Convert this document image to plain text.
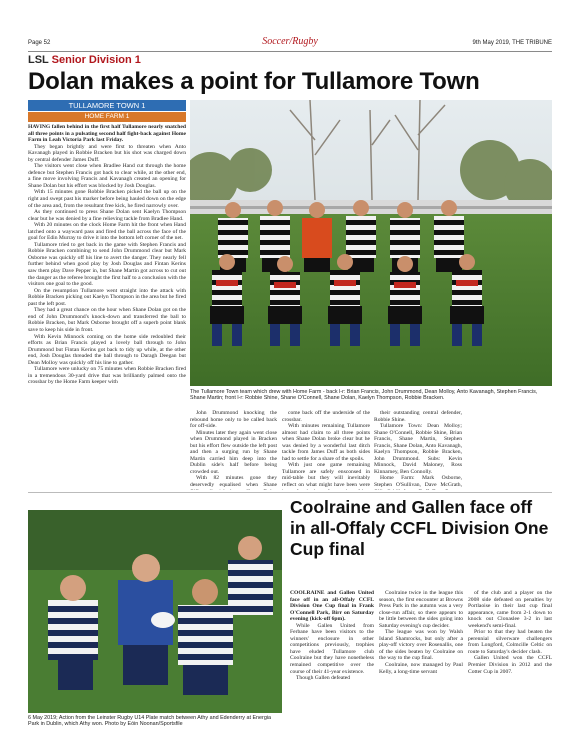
Page 52	Soccer/Rugby	9th May 2019, THE TRIBUNE
LSL Senior Division 1
Dolan makes a point for Tullamore Town
TULLAMORE TOWN 1
HOME FARM 1

HAVING fallen behind in the first half Tullamore nearly snatched all three points in a pulsating second half fight-back against Home Farm in Leah Victoria Park last Friday.

They began brightly and were first to threaten when Anto Kavanagh played in Robbie Bracken but his shot was charged down by central defender James Duff.

The visitors went close when Bradlee Hand cut through the home defence but Stephen Francis got back to clear while, at the other end, a fine move involving Francis and Kavanagh created an opening for Shane Dolan but his effort was blocked by Josh Douglas.

With 15 minutes gone Robbie Bracken picked the ball up on the right and swept past his marker before being hauled down on the edge of the area and, from the resultant free kick, he fired narrowly over.

As they continued to press Shane Dolan sent Kaelyn Thompson clear but he was denied by a fine relieving tackle from Bradlee Hand.

With 20 minutes on the clock Home Farm hit the front when Hand latched onto a wayward pass and fired the ball across the face of the goal for Edin Murray to drive it into the bottom left corner of the net.

Tullamore tried to get back in the game with Stephen Francis and Robbie Bracken combining to send John Drummond clear but Mark Osborne was quickly off his line to avert the danger. They nearly fell further behind when good play by Josh Douglas and Fintan Kerins saw them play Dave Pepper in, but Shane Martin got across to cut out the danger as the referee brought the first half to a conclusion with the visitors one goal to the good.

On the resumption Tullamore went straight into the attack with Robbie Bracken picking out Kaelyn Thompson in the area but he fired past the left post.

They had a great chance on the hour when Shane Dolan got on the end of John Drummond's knock-down and transferred the ball to Robbie Bracken, but Mark Osborne brought off a superb point blank save to keep his side in front.

With Kevin Minnock coming on the home side redoubled their efforts as Brian Francis played a lovely ball through to John Drummond but Fintan Kerins got back to tidy up while, at the other end, Josh Douglas threaded the ball through to Daragh Deegan but Dean Molloy was quickly off his line to gather.

Tullamore were unlucky on 75 minutes when Robbie Bracken fired in a tremendous 30-yard drive that was brilliantly palmed onto the crossbar by the Home Farm keeper with

John Drummond knocking the rebound home only to be called back for off-side.

Minutes later they again went close when Drummond played in Bracken but his effort flew outside the left post and then a surging run by Shane Martin carried him deep into the Dublin side's half before being crowded out.

With 82 minutes gone they deservedly equalised when Shane

come back off the underside of the crossbar.

With minutes remaining Tullamore almost had claim to all three points when Shane Dolan broke clear but he was denied by a wonderful last ditch tackle from James Duff as both sides had to settle for a share of the spoils.

With just one game remaining Tullamore are safely ensconsed in mid-table but they will inevitably reflect on what might have been were

their outstanding central defender, Robbie Shine.

Tullamore Town: Dean Molloy; Shane O'Connell, Robbie Shine, Brian Francis, Shane Martin, Stephen Francis, Shane Dolan, Anto Kavanagh, Kaelyn Thompson, Robbie Bracken, John Drummond. Subs: Kevin Minnock, David Maloney, Ross Kinnarney, Ben Connolly.

Home Farm: Mark Osborne, Stephen O'Sullivan, Dave McGrath,

The Tullamore Town team which drew with Home Farm - back l-r: Brian Francis, John Drummond, Dean Molloy, Anto Kavanagh, Stephen Francis, Shane Martin; front l-r: Robbie Shine, Shane O'Connell, Shane Dolan, Kaelyn Thompson, Robbie Bracken.
6 May 2019; Action from the Leinster Rugby U14 Plate match between Athy and Edenderry at Energia Park in Dublin, which Athy won. Photo by Eóin Noonan/Sportsfile
Coolraine and Gallen face off in all-Offaly CCFL Division One Cup final

COOLRAINE and Gallen United face off in an all-Offaly CCFL Division One Cup final in Frank O'Connell Park, Birr on Saturday evening (kick-off 6pm).

While Gallen United from Ferbane have been visitors to the winners' enclosure in other competitions previously, trophies have eluded Tullamore club Coolraine but they have nonetheless remained competitive over the course of their 41-year existence.

Though Gallen defeated

Coolraine twice in the league this season, the first encounter at Browns Press Park in the autumn was a very close-run affair, so there appears to be little between the sides going into Saturday evening's cup decider.

The league was won by Walsh Island Shamrocks, but only after a play-off victory over Rosenallis, one of the sides beaten by Coolraine on the way to the cup final.

Coolraine, now managed by Paul Kelly, a long-time servant

of the club and a player on the 2008 side defeated on penalties by Portlaoise in their last cup final appearance, came from 2-1 down to knock out Clonaslee 3-2 in last weekend's semi-final.

Prior to that they had beaten the perennial silverware challengers from Longford, Colmcille Celtic on route to Saturday's decider clash.

Gallen United won the CCFL Premier Division in 2012 and the Cotter Cup in 2007.
